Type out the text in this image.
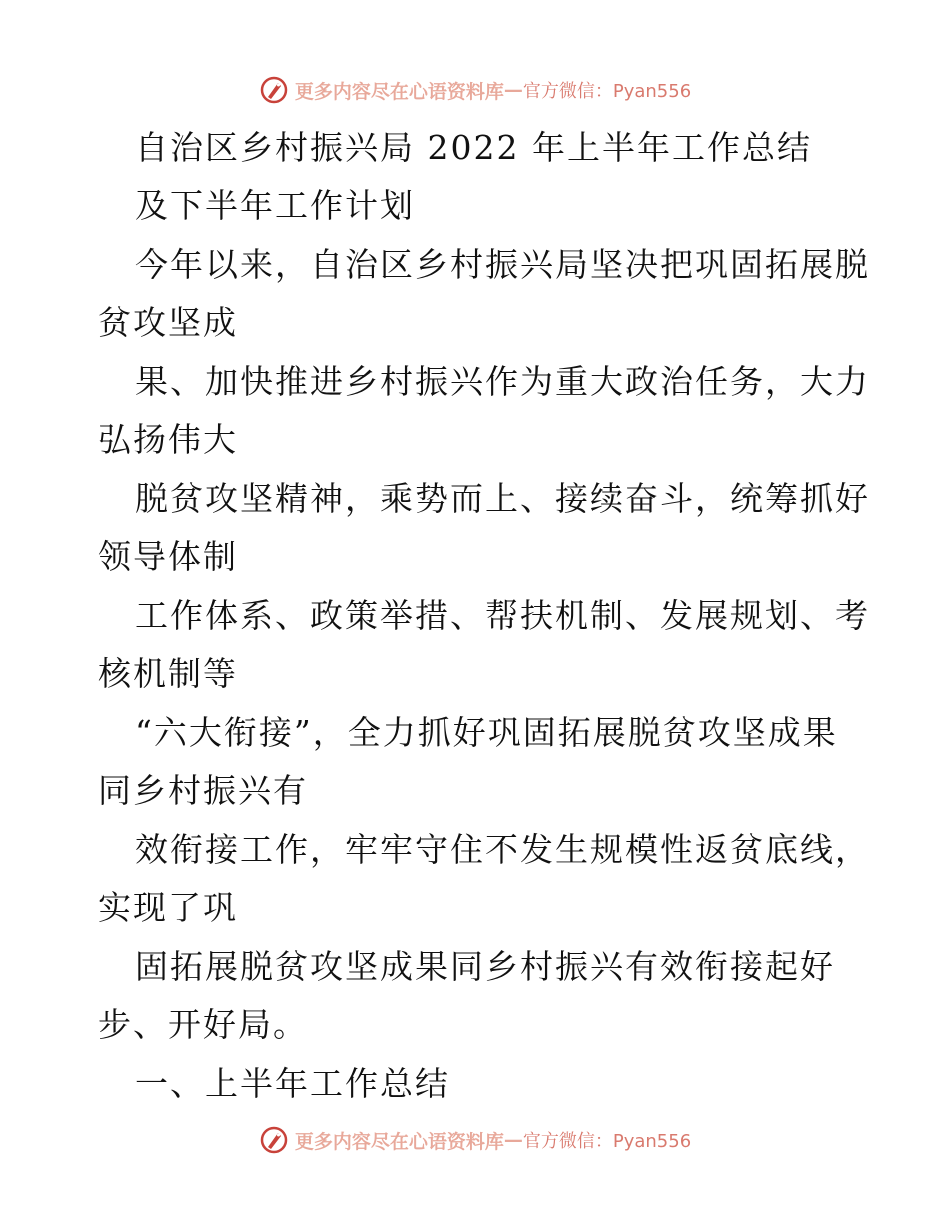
更多内容尽在心语资料库 — 官方微信：Pyan556
自治区乡村振兴局 2022 年上半年工作总结
及下半年工作计划
今年以来，自治区乡村振兴局坚决把巩固拓展脱
贫攻坚成
果、加快推进乡村振兴作为重大政治任务，大力
弘扬伟大
脱贫攻坚精神，乘势而上、接续奋斗，统筹抓好
领导体制
工作体系、政策举措、帮扶机制、发展规划、考
核机制等
“六大衔接”，全力抓好巩固拓展脱贫攻坚成果
同乡村振兴有
效衔接工作，牢牢守住不发生规模性返贫底线，
实现了巩
固拓展脱贫攻坚成果同乡村振兴有效衔接起好
步、开好局。
一、上半年工作总结
更多内容尽在心语资料库 — 官方微信：Pyan556
